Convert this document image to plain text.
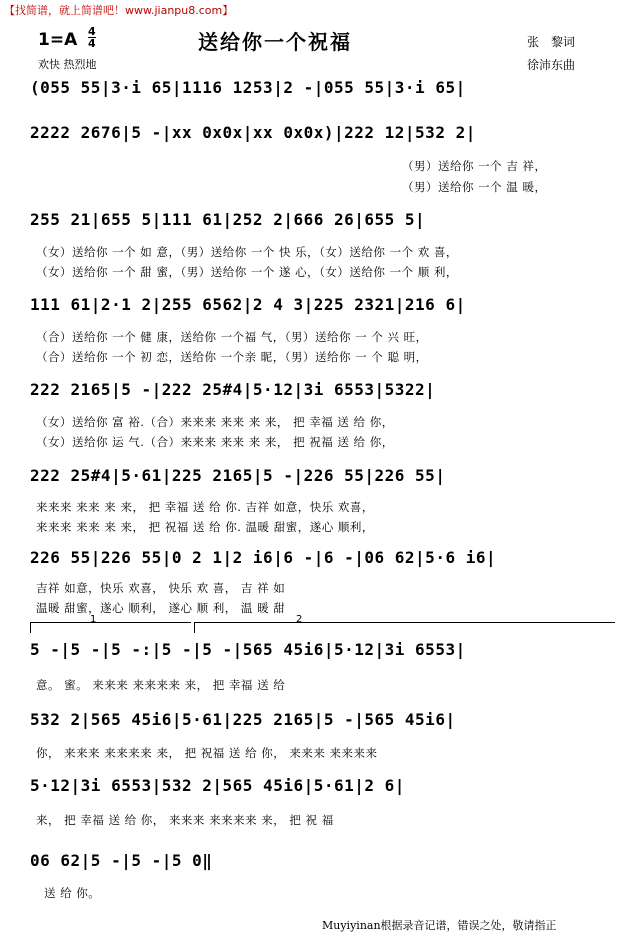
【找简谱，就上简谱吧！www.jianpu8.com】
1=A 4
4	送给你一个祝福
欢快 热烈地
张　黎词
徐沛东曲
(055 55|3·i 65|1116 1253|2 -|055 55|3·i 65|
2222 2676|5 -|xx 0x0x|xx 0x0x)|222 12|532 2|
（男）送给你 一个 吉 祥，
（男）送给你 一个 温 暖，
255 21|655 5|111 61|252 2|666 26|655 5|
（女）送给你 一个 如 意，（男）送给你 一个 快 乐，（女）送给你 一个 欢 喜，
（女）送给你 一个 甜 蜜，（男）送给你 一个 遂 心，（女）送给你 一个 顺 利，
111 61|2·1 2|255 6562|2 4 3|225 2321|216 6|
（合）送给你 一个 健 康，送给你 一个福 气，（男）送给你 一 个 兴 旺，
（合）送给你 一个 初 恋，送给你 一个亲 昵，（男）送给你 一 个 聪 明，
222 2165|5 -|222 25#4|5·12|3i 6553|5322|
（女）送给你 富 裕.（合）来来来 来来 来 来， 把 幸福 送 给 你，
（女）送给你 运 气.（合）来来来 来来 来 来， 把 祝福 送 给 你，
222 25#4|5·61|225 2165|5 -|226 55|226 55|
来来来 来来 来 来， 把 幸福 送 给 你. 吉祥 如意，快乐 欢喜，
来来来 来来 来 来， 把 祝福 送 给 你. 温暖 甜蜜，遂心 顺利，
226 55|226 55|0 2 1|2 i6|6 -|6 -|06 62|5·6 i6|
吉祥 如意，快乐 欢喜， 快乐 欢 喜， 吉 祥 如
温暖 甜蜜，遂心 顺利， 遂心 顺 利， 温 暖 甜
1	2
5 -|5 -|5 -:|5 -|5 -|565 45i6|5·12|3i 6553|
意。 蜜。 来来来 来来来来 来， 把 幸福 送 给
532 2|565 45i6|5·61|225 2165|5 -|565 45i6|
你， 来来来 来来来来 来， 把 祝福 送 给 你， 来来来 来来来来
5·12|3i 6553|532 2|565 45i6|5·61|2 6|
来， 把 幸福 送 给 你， 来来来 来来来来 来， 把 祝 福
06 62|5 -|5 -|5 0‖
送 给 你。
Muyiyinan根据录音记谱，错误之处，敬请指正
